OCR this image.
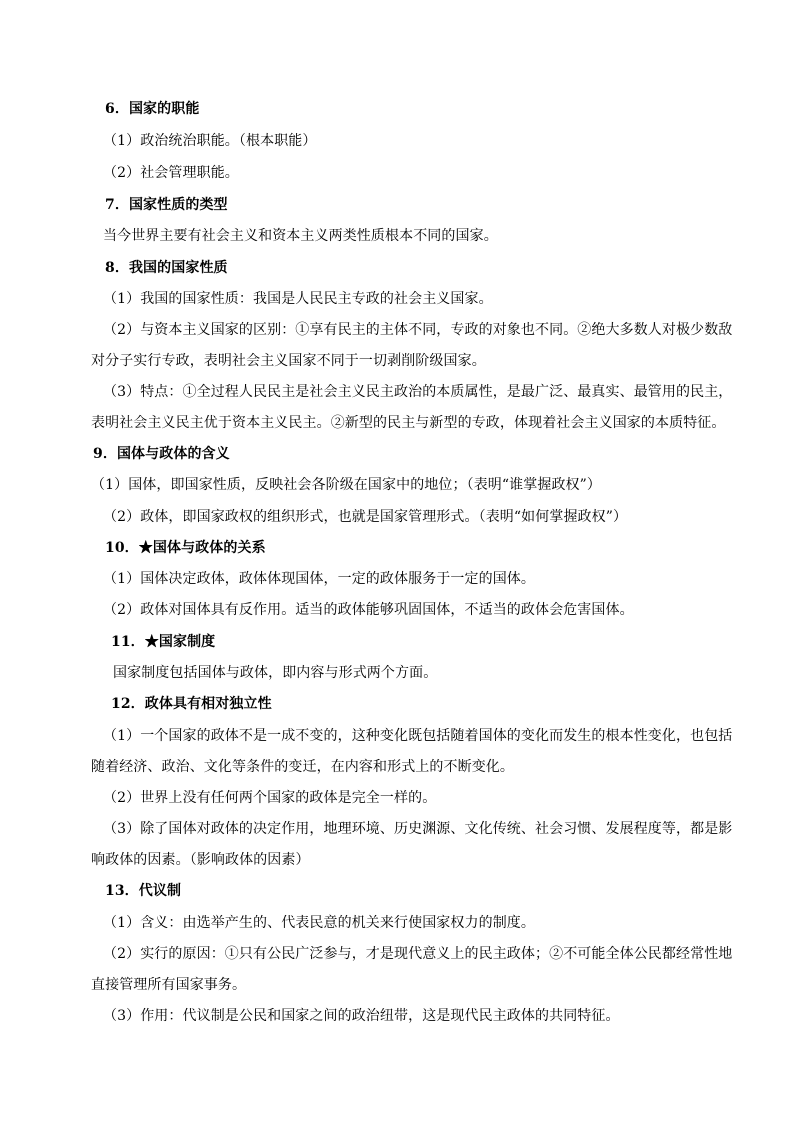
6．国家的职能
（1）政治统治职能。（根本职能）
（2）社会管理职能。
7．国家性质的类型
当今世界主要有社会主义和资本主义两类性质根本不同的国家。
8．我国的国家性质
（1）我国的国家性质：我国是人民民主专政的社会主义国家。
（2）与资本主义国家的区别：①享有民主的主体不同，专政的对象也不同。②绝大多数人对极少数敌
对分子实行专政，表明社会主义国家不同于一切剥削阶级国家。
（3）特点：①全过程人民民主是社会主义民主政治的本质属性，是最广泛、最真实、最管用的民主，
表明社会主义民主优于资本主义民主。②新型的民主与新型的专政，体现着社会主义国家的本质特征。
9．国体与政体的含义
（1）国体，即国家性质，反映社会各阶级在国家中的地位；（表明“谁掌握政权”）
（2）政体，即国家政权的组织形式，也就是国家管理形式。（表明“如何掌握政权”）
10．★国体与政体的关系
（1）国体决定政体，政体体现国体，一定的政体服务于一定的国体。
（2）政体对国体具有反作用。适当的政体能够巩固国体，不适当的政体会危害国体。
11．★国家制度
国家制度包括国体与政体，即内容与形式两个方面。
12．政体具有相对独立性
（1）一个国家的政体不是一成不变的，这种变化既包括随着国体的变化而发生的根本性变化，也包括
随着经济、政治、文化等条件的变迁，在内容和形式上的不断变化。
（2）世界上没有任何两个国家的政体是完全一样的。
（3）除了国体对政体的决定作用，地理环境、历史渊源、文化传统、社会习惯、发展程度等，都是影
响政体的因素。（影响政体的因素）
13．代议制
（1）含义：由选举产生的、代表民意的机关来行使国家权力的制度。
（2）实行的原因：①只有公民广泛参与，才是现代意义上的民主政体；②不可能全体公民都经常性地
直接管理所有国家事务。
（3）作用：代议制是公民和国家之间的政治纽带，这是现代民主政体的共同特征。
